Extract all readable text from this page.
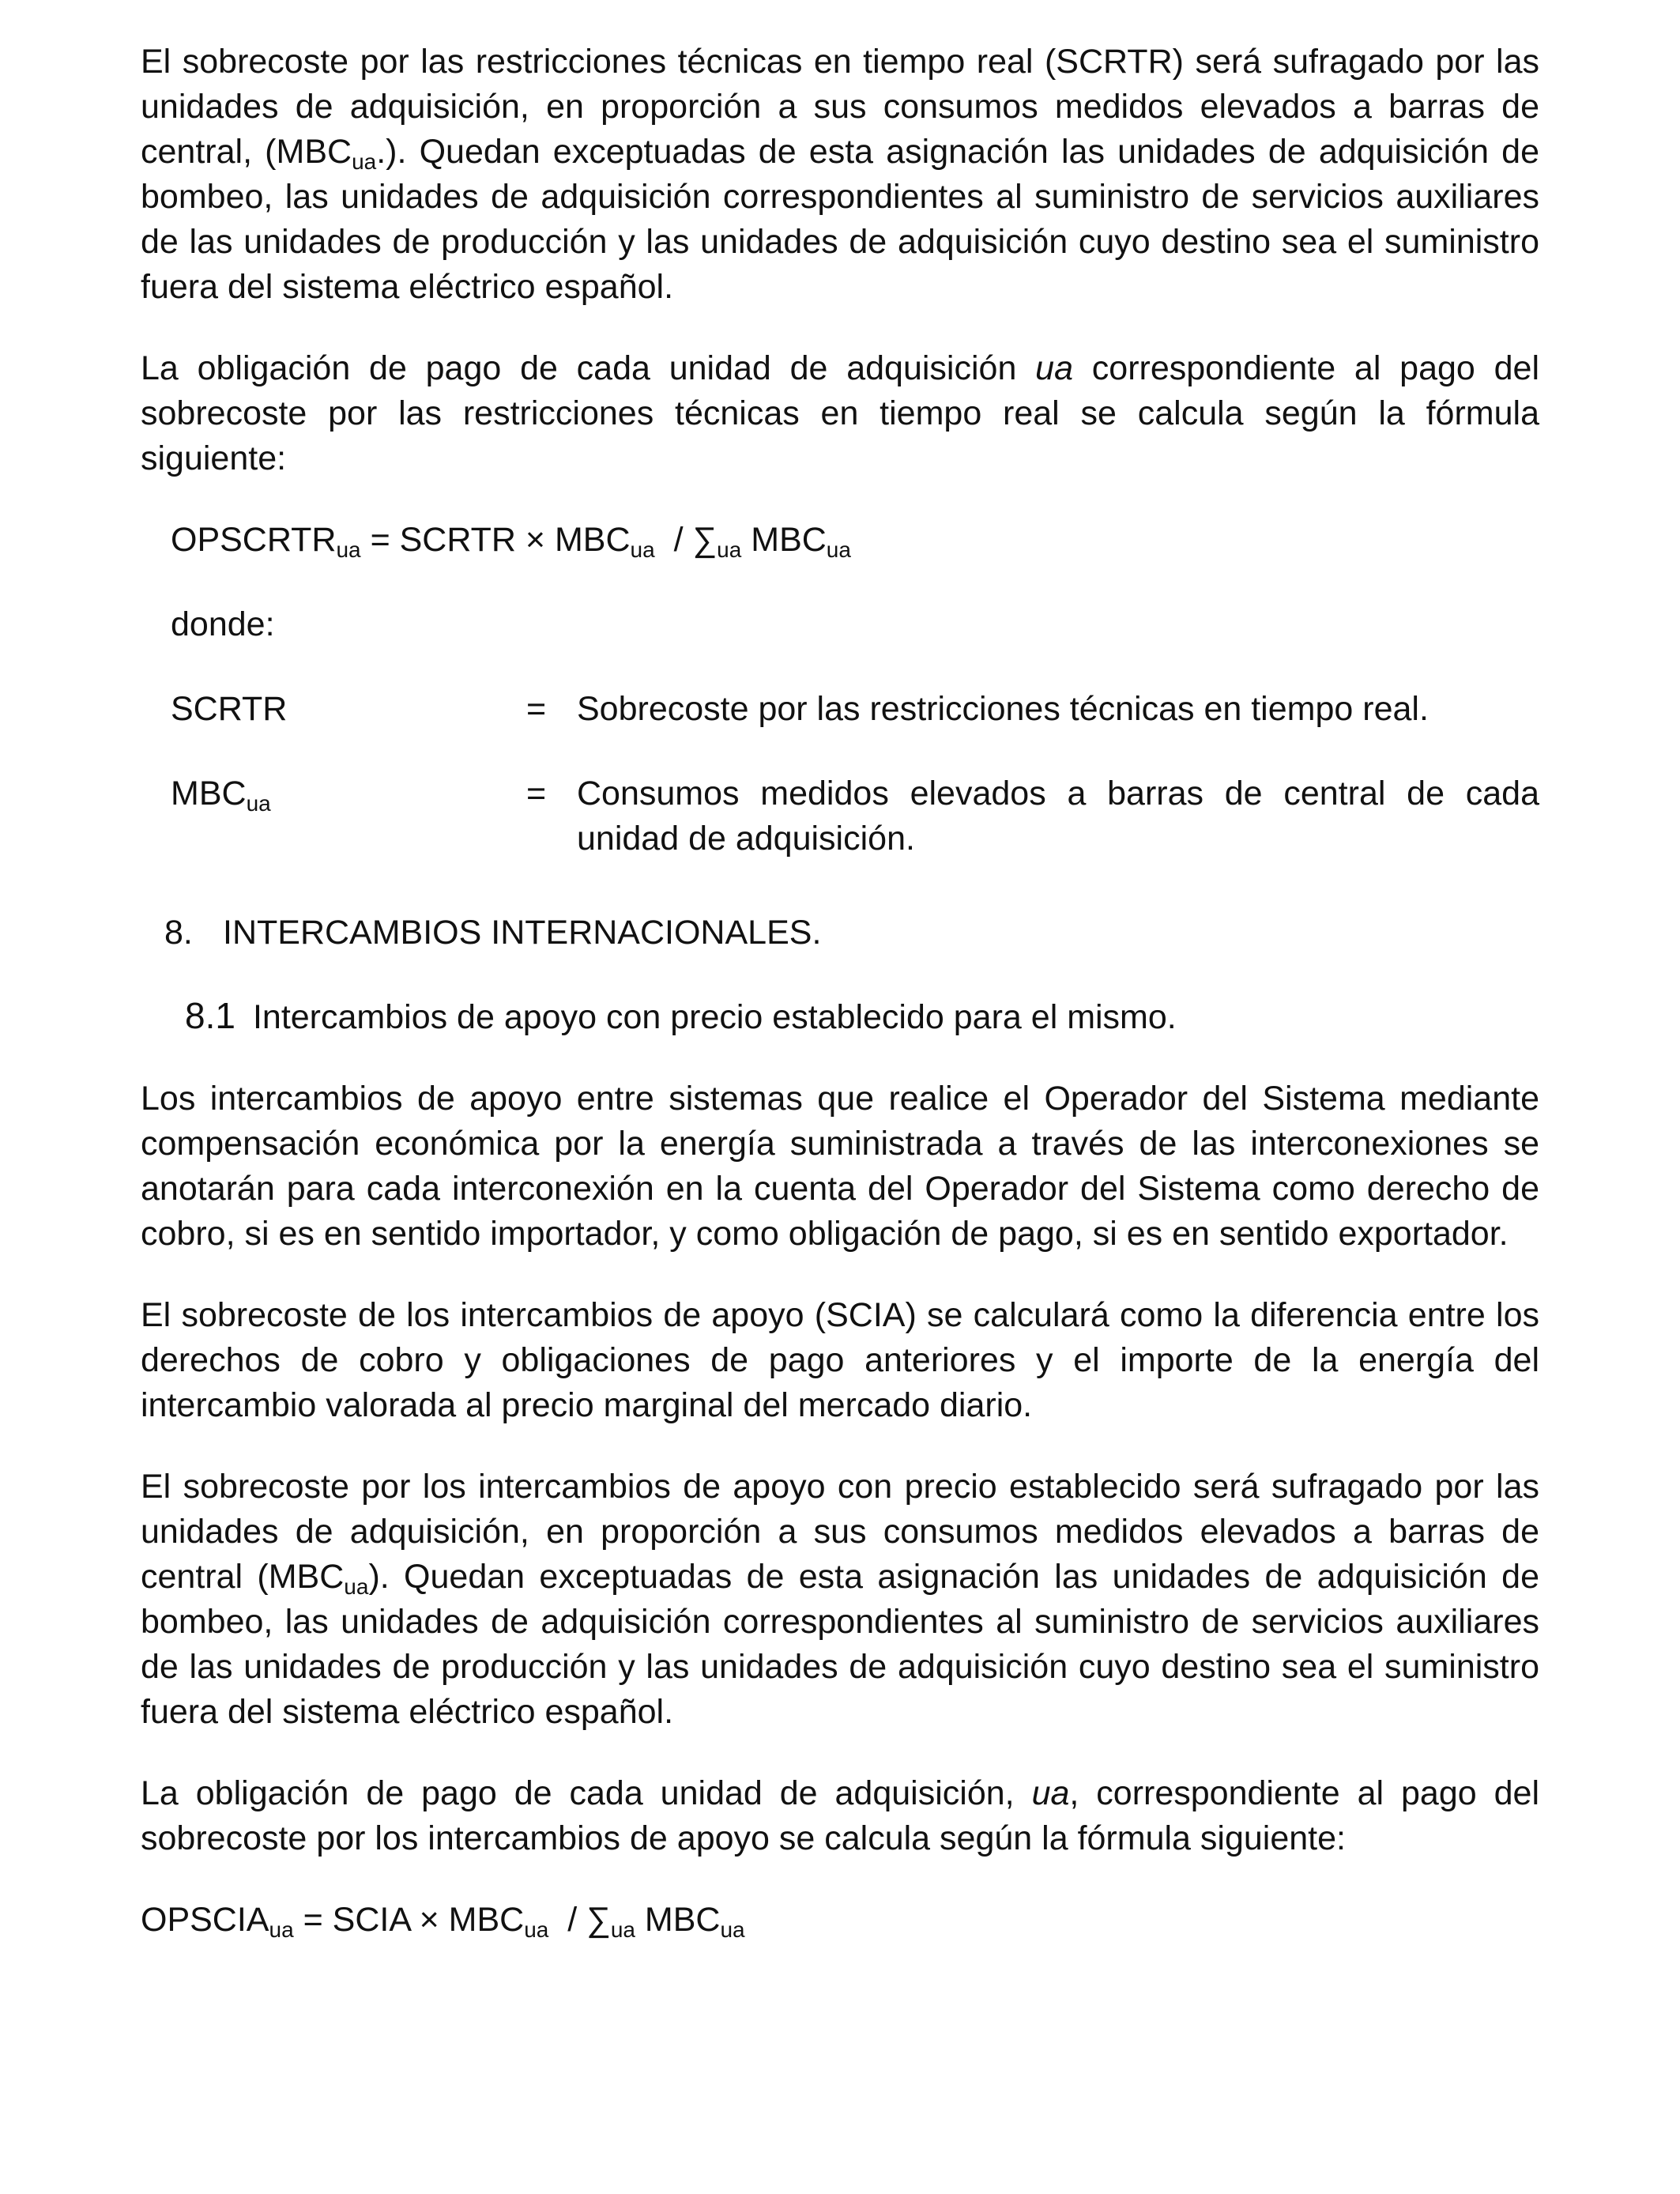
El sobrecoste por las restricciones técnicas en tiempo real (SCRTR) será sufragado por las unidades de adquisición, en proporción a sus consumos medidos elevados a barras de central, $(MBC_{ua}.)$. Quedan exceptuadas de esta asignación las unidades de adquisición de bombeo, las unidades de adquisición correspondientes al suministro de servicios auxiliares de las unidades de producción y las unidades de adquisición cuyo destino sea el suministro fuera del sistema eléctrico español.

La obligación de pago de cada unidad de adquisición ua correspondiente al pago del sobrecoste por las restricciones técnicas en tiempo real se calcula según la fórmula siguiente:

$OPSCRTR_{ua}$ = SCRTR × $MBC_{ua} / \sum_{ua}$ $MBC_{ua}$

donde:

SCRTR	= Sobrecoste por las restricciones técnicas en tiempo real.
$MBC_{ua}$	= Consumos medidos elevados a barras de central de cada unidad de adquisición.

8. INTERCAMBIOS INTERNACIONALES.

8.1 Intercambios de apoyo con precio establecido para el mismo.

Los intercambios de apoyo entre sistemas que realice el Operador del Sistema mediante compensación económica por la energía suministrada a través de las interconexiones se anotarán para cada interconexión en la cuenta del Operador del Sistema como derecho de cobro, si es en sentido importador, y como obligación de pago, si es en sentido exportador.

El sobrecoste de los intercambios de apoyo (SCIA) se calculará como la diferencia entre los derechos de cobro y obligaciones de pago anteriores y el importe de la energía del intercambio valorada al precio marginal del mercado diario.

El sobrecoste por los intercambios de apoyo con precio establecido será sufragado por las unidades de adquisición, en proporción a sus consumos medidos elevados a barras de central $(MBC_{ua})$. Quedan exceptuadas de esta asignación las unidades de adquisición de bombeo, las unidades de adquisición correspondientes al suministro de servicios auxiliares de las unidades de producción y las unidades de adquisición cuyo destino sea el suministro fuera del sistema eléctrico español.

La obligación de pago de cada unidad de adquisición, ua, correspondiente al pago del sobrecoste por los intercambios de apoyo se calcula según la fórmula siguiente:

$OPSCIA_{ua}$ = SCIA × $MBC_{ua} / \sum_{ua}$ $MBC_{ua}$
